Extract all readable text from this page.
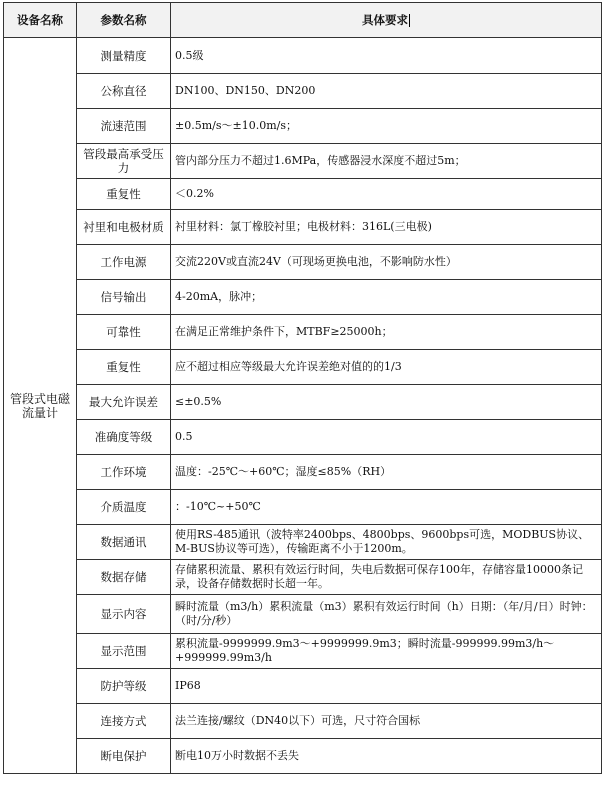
设备名称	参数名称	具体要求
管段式电磁流量计	测量精度	0.5级
	公称直径	DN100、DN150、DN200
	流速范围	±0.5m/s～±10.0m/s；
	管段最高承受压力	管内部分压力不超过1.6MPa，传感器浸水深度不超过5m；
	重复性	＜0.2%
	衬里和电极材质	衬里材料：氯丁橡胶衬里；电极材料：316L(三电极)
	工作电源	交流220V或直流24V（可现场更换电池，不影响防水性）
	信号输出	4-20mA，脉冲；
	可靠性	在满足正常维护条件下，MTBF≥25000h；
	重复性	应不超过相应等级最大允许误差绝对值的的1/3
	最大允许误差	≤±0.5%
	准确度等级	0.5
	工作环境	温度：-25℃～+60℃；湿度≤85%（RH）
	介质温度	：-10℃~+50℃
	数据通讯	使用RS-485通讯（波特率2400bps、4800bps、9600bps可选，MODBUS协议、M-BUS协议等可选），传输距离不小于1200m。
	数据存储	存储累积流量、累积有效运行时间，失电后数据可保存100年，存储容量10000条记录，设备存储数据时长超一年。
	显示内容	瞬时流量（m3/h）累积流量（m3）累积有效运行时间（h）日期：（年/月/日）时钟：（时/分/秒）
	显示范围	累积流量-9999999.9m3～+9999999.9m3；瞬时流量-999999.99m3/h～+999999.99m3/h
	防护等级	IP68
	连接方式	法兰连接/螺纹（DN40以下）可选，尺寸符合国标
	断电保护	断电10万小时数据不丢失
